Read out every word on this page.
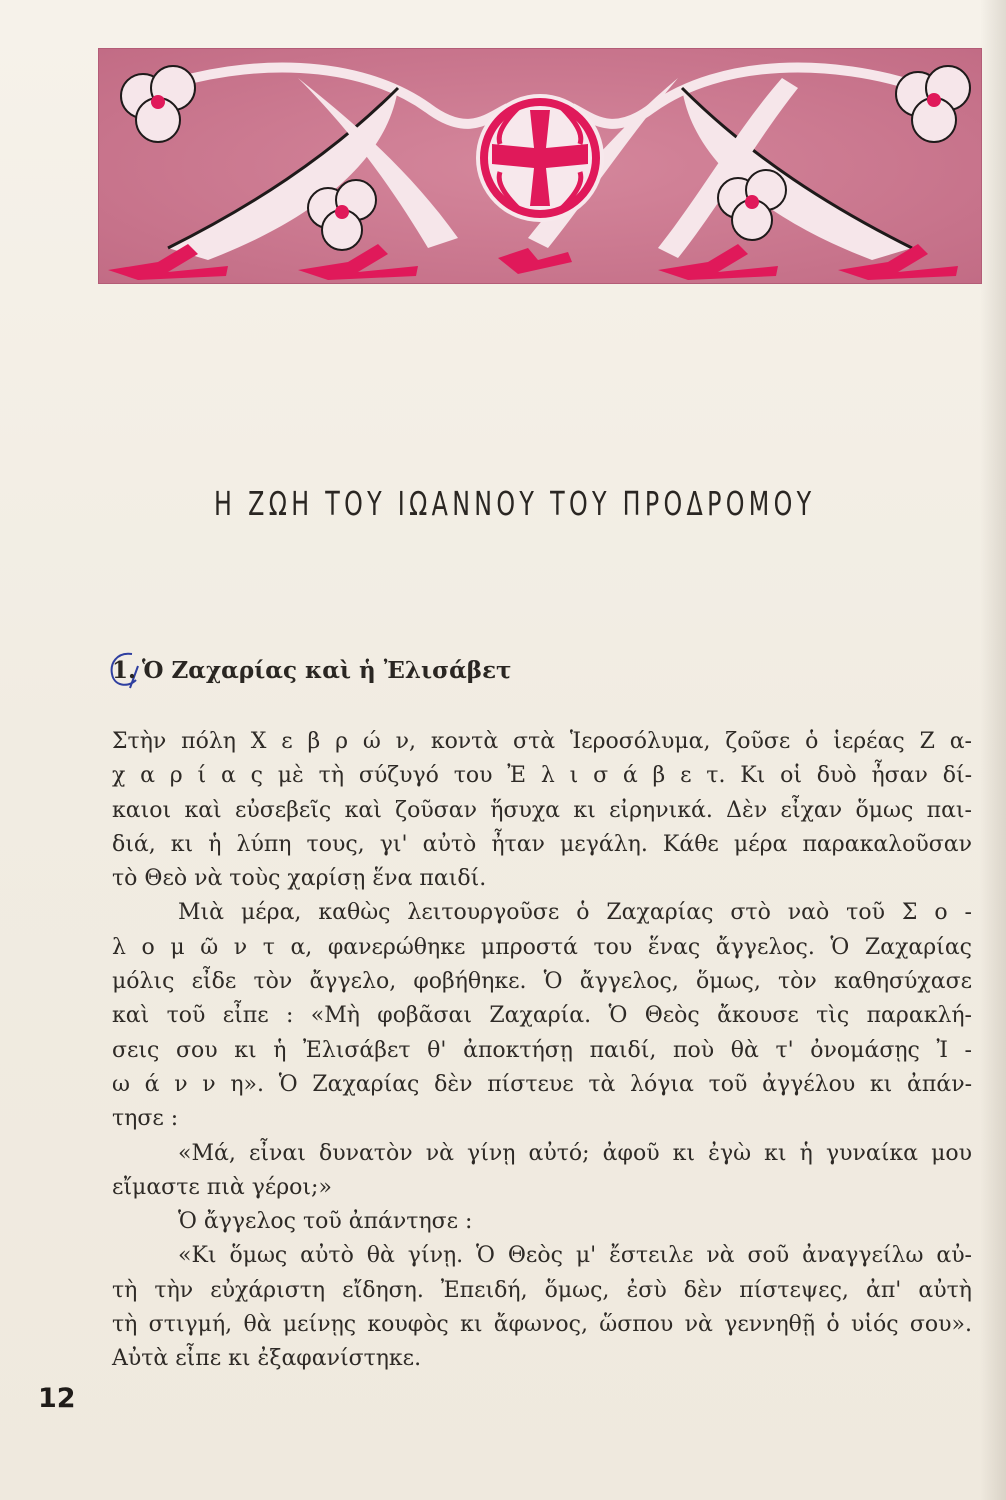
Η ΖΩΗ ΤΟΥ ΙΩΑΝΝΟΥ ΤΟΥ ΠΡΟΔΡΟΜΟΥ
1. Ὁ Ζαχαρίας καὶ ἡ Ἐλισάβετ
Στὴν πόλη Χ ε β ρ ώ ν, κοντὰ στὰ Ἱεροσόλυμα, ζοῦσε ὁ ἱερέας Ζ α-
χ α ρ ί α ς μὲ τὴ σύζυγό του Ἐ λ ι σ ά β ε τ. Κι οἱ δυὸ ἦσαν δί-
καιοι καὶ εὐσεβεῖς καὶ ζοῦσαν ἥσυχα κι εἰρηνικά. Δὲν εἶχαν ὅμως παι-
διά, κι ἡ λύπη τους, γι' αὐτὸ ἦταν μεγάλη. Κάθε μέρα παρακαλοῦσαν
τὸ Θεὸ νὰ τοὺς χαρίσῃ ἕνα παιδί.
Μιὰ μέρα, καθὼς λειτουργοῦσε ὁ Ζαχαρίας στὸ ναὸ τοῦ Σ ο -
λ ο μ ῶ ν τ α, φανερώθηκε μπροστά του ἕνας ἄγγελος. Ὁ Ζαχαρίας
μόλις εἶδε τὸν ἄγγελο, φοβήθηκε. Ὁ ἄγγελος, ὅμως, τὸν καθησύχασε
καὶ τοῦ εἶπε : «Μὴ φοβᾶσαι Ζαχαρία. Ὁ Θεὸς ἄκουσε τὶς παρακλή-
σεις σου κι ἡ Ἐλισάβετ θ' ἀποκτήσῃ παιδί, ποὺ θὰ τ' ὀνομάσῃς Ἰ -
ω ά ν ν η». Ὁ Ζαχαρίας δὲν πίστευε τὰ λόγια τοῦ ἀγγέλου κι ἀπάν-
τησε :
«Μά, εἶναι δυνατὸν νὰ γίνῃ αὐτό; ἀφοῦ κι ἐγὼ κι ἡ γυναίκα μου
εἴμαστε πιὰ γέροι;»
Ὁ ἄγγελος τοῦ ἀπάντησε :
«Κι ὅμως αὐτὸ θὰ γίνῃ. Ὁ Θεὸς μ' ἔστειλε νὰ σοῦ ἀναγγείλω αὐ-
τὴ τὴν εὐχάριστη εἴδηση. Ἐπειδή, ὅμως, ἐσὺ δὲν πίστεψες, ἀπ' αὐτὴ
τὴ στιγμή, θὰ μείνῃς κουφὸς κι ἄφωνος, ὥσπου νὰ γεννηθῇ ὁ υἱός σου».
Αὐτὰ εἶπε κι ἐξαφανίστηκε.
12
